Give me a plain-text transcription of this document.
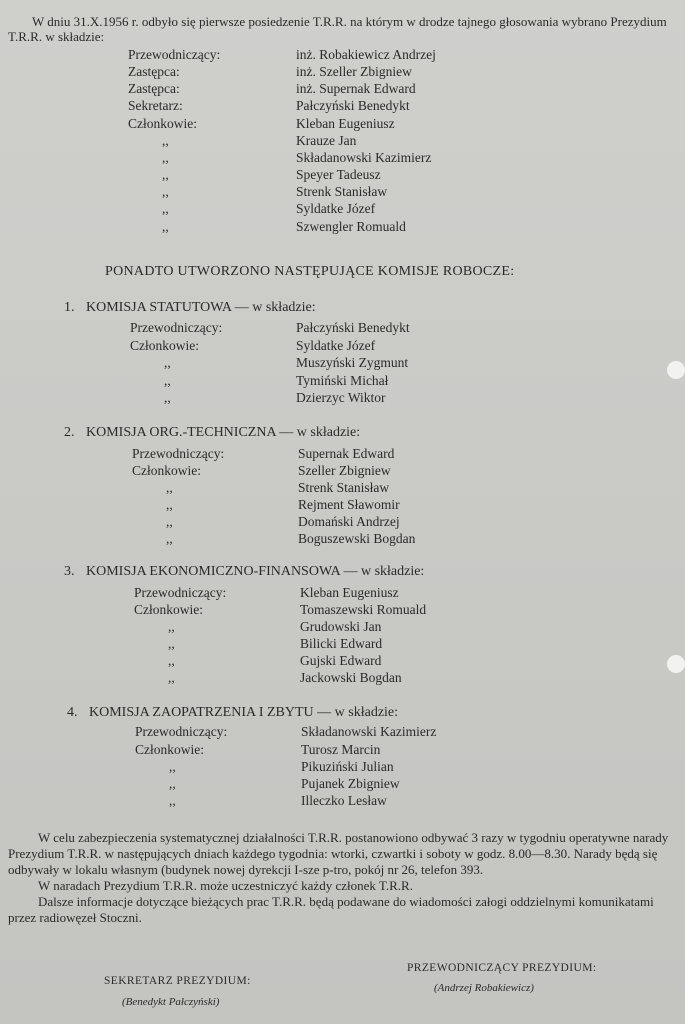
W dniu 31.X.1956 r. odbyło się pierwsze posiedzenie T.R.R. na którym w drodze tajnego głosowania wybrano Prezydium T.R.R. w składzie:

Przewodniczący:	inż. Robakiewicz Andrzej
Zastępca:	inż. Szeller Zbigniew
Zastępca:	inż. Supernak Edward
Sekretarz:	Pałczyński Benedykt
Członkowie:	Kleban Eugeniusz
,,	Krauze Jan
,,	Składanowski Kazimierz
,,	Speyer Tadeusz
,,	Strenk Stanisław
,,	Syldatke Józef
,,	Szwengler Romuald
PONADTO UTWORZONO NASTĘPUJĄCE KOMISJE ROBOCZE:
1. KOMISJA STATUTOWA — w składzie:
Przewodniczący:	Pałczyński Benedykt
Członkowie:	Syldatke Józef
,,	Muszyński Zygmunt
,,	Tymiński Michał
,,	Dzierzyc Wiktor
2. KOMISJA ORG.-TECHNICZNA — w składzie:
Przewodniczący:	Supernak Edward
Członkowie:	Szeller Zbigniew
,,	Strenk Stanisław
,,	Rejment Sławomir
,,	Domański Andrzej
,,	Boguszewski Bogdan
3. KOMISJA EKONOMICZNO-FINANSOWA — w składzie:
Przewodniczący:	Kleban Eugeniusz
Członkowie:	Tomaszewski Romuald
,,	Grudowski Jan
,,	Bilicki Edward
,,	Gujski Edward
,,	Jackowski Bogdan
4. KOMISJA ZAOPATRZENIA I ZBYTU — w składzie:
Przewodniczący:	Składanowski Kazimierz
Członkowie:	Turosz Marcin
,,	Pikuziński Julian
,,	Pujanek Zbigniew
,,	Illeczko Lesław

W celu zabezpieczenia systematycznej działalności T.R.R. postanowiono odbywać 3 razy w tygodniu operatywne narady Prezydium T.R.R. w następujących dniach każdego tygodnia: wtorki, czwartki i soboty w godz. 8.00—8.30. Narady będą się odbywały w lokalu własnym (budynek nowej dyrekcji I-sze p-tro, pokój nr 26, telefon 393.

W naradach Prezydium T.R.R. może uczestniczyć każdy członek T.R.R.

Dalsze informacje dotyczące bieżących prac T.R.R. będą podawane do wiadomości załogi oddzielnymi komunikatami przez radiowęzeł Stoczni.

SEKRETARZ PREZYDIUM:
(Benedykt Pałczyński)
PRZEWODNICZĄCY PREZYDIUM:
(Andrzej Robakiewicz)
